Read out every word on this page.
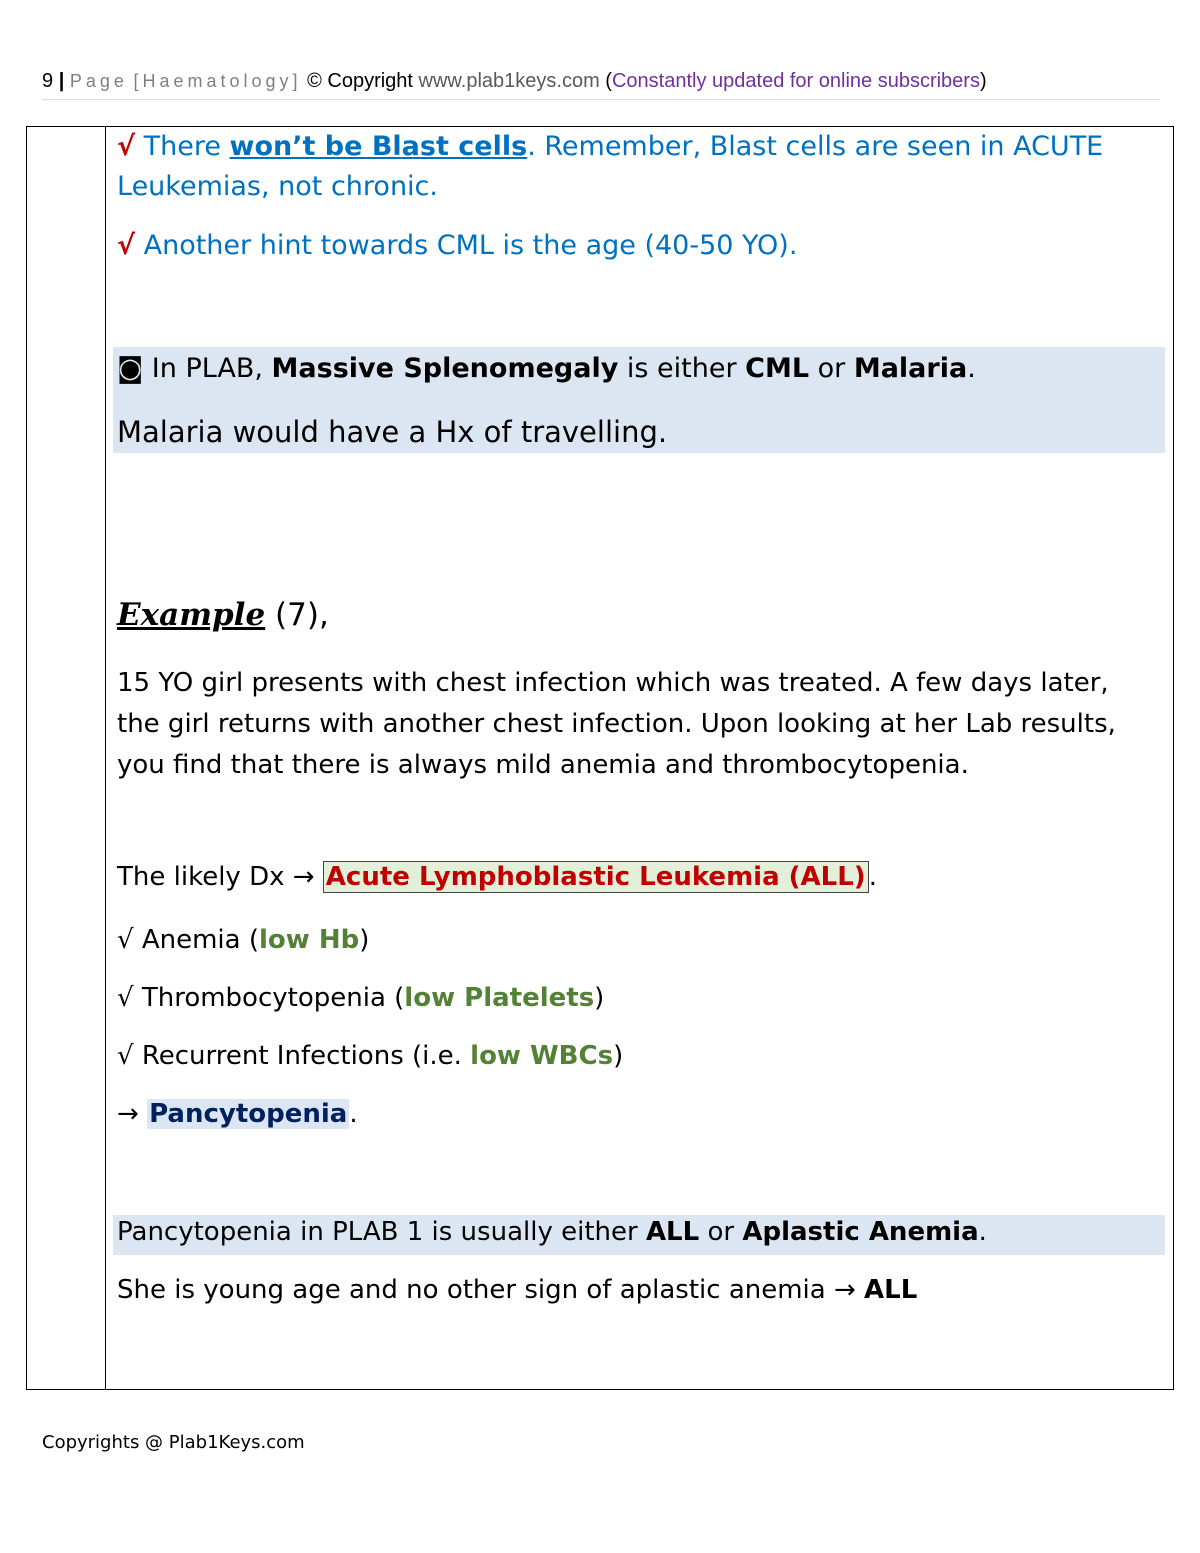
9 | Page [Haematology] © Copyright www.plab1keys.com (Constantly updated for online subscribers)
√ There won’t be Blast cells. Remember, Blast cells are seen in ACUTE
Leukemias, not chronic.
√ Another hint towards CML is the age (40-50 YO).
◙ In PLAB, Massive Splenomegaly is either CML or Malaria.
Malaria would have a Hx of travelling.
Example (7),
15 YO girl presents with chest infection which was treated. A few days later,
the girl returns with another chest infection. Upon looking at her Lab results,
you find that there is always mild anemia and thrombocytopenia.
The likely Dx → Acute Lymphoblastic Leukemia (ALL) .
√ Anemia (low Hb)
√ Thrombocytopenia (low Platelets)
√ Recurrent Infections (i.e. low WBCs)
→ Pancytopenia.
Pancytopenia in PLAB 1 is usually either ALL or Aplastic Anemia.
She is young age and no other sign of aplastic anemia → ALL
Copyrights @ Plab1Keys.com
